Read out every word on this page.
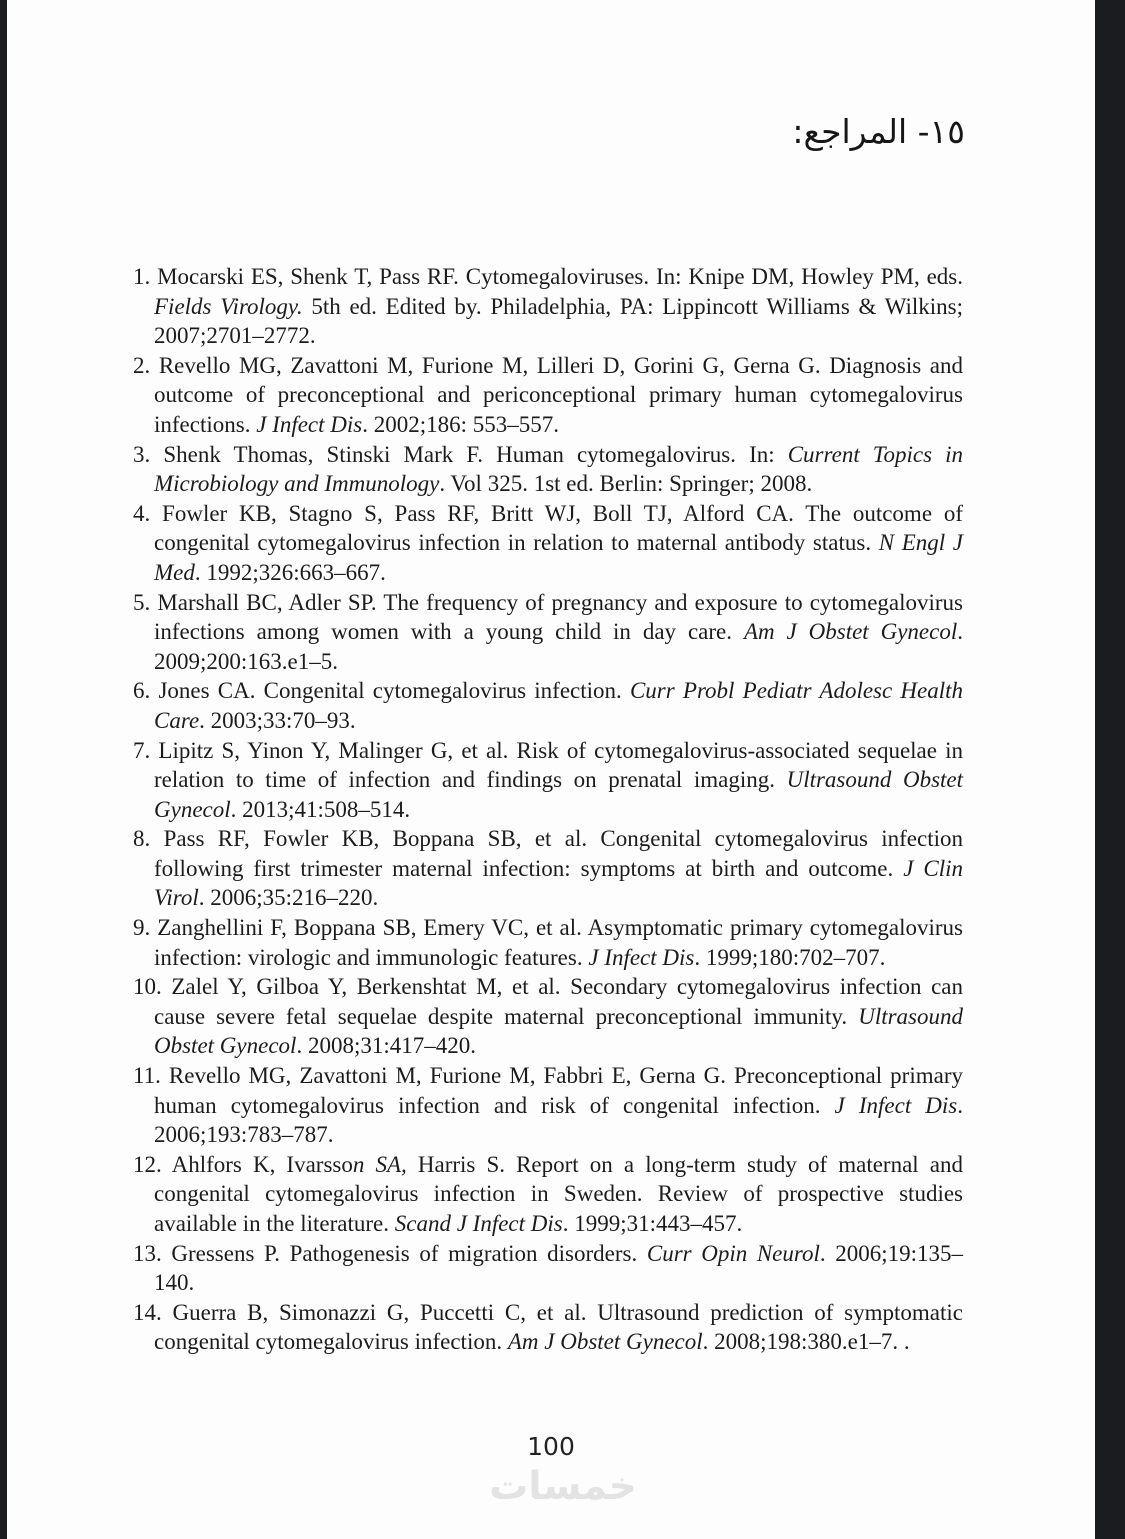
١٥- المراجع:
1. Mocarski ES, Shenk T, Pass RF. Cytomegaloviruses. In: Knipe DM, Howley PM, eds. Fields Virology. 5th ed. Edited by. Philadelphia, PA: Lippincott Williams & Wilkins; 2007;2701–2772.
2. Revello MG, Zavattoni M, Furione M, Lilleri D, Gorini G, Gerna G. Diagnosis and outcome of preconceptional and periconceptional primary human cytomegalovirus infections. J Infect Dis. 2002;186: 553–557.
3. Shenk Thomas, Stinski Mark F. Human cytomegalovirus. In: Current Topics in Microbiology and Immunology. Vol 325. 1st ed. Berlin: Springer; 2008.
4. Fowler KB, Stagno S, Pass RF, Britt WJ, Boll TJ, Alford CA. The outcome of congenital cytomegalovirus infection in relation to maternal antibody status. N Engl J Med. 1992;326:663–667.
5. Marshall BC, Adler SP. The frequency of pregnancy and exposure to cytomegalovirus infections among women with a young child in day care. Am J Obstet Gynecol. 2009;200:163.e1–5.
6. Jones CA. Congenital cytomegalovirus infection. Curr Probl Pediatr Adolesc Health Care. 2003;33:70–93.
7. Lipitz S, Yinon Y, Malinger G, et al. Risk of cytomegalovirus-associated sequelae in relation to time of infection and findings on prenatal imaging. Ultrasound Obstet Gynecol. 2013;41:508–514.
8. Pass RF, Fowler KB, Boppana SB, et al. Congenital cytomegalovirus infection following first trimester maternal infection: symptoms at birth and outcome. J Clin Virol. 2006;35:216–220.
9. Zanghellini F, Boppana SB, Emery VC, et al. Asymptomatic primary cytomegalovirus infection: virologic and immunologic features. J Infect Dis. 1999;180:702–707.
10. Zalel Y, Gilboa Y, Berkenshtat M, et al. Secondary cytomegalovirus infection can cause severe fetal sequelae despite maternal preconceptional immunity. Ultrasound Obstet Gynecol. 2008;31:417–420.
11. Revello MG, Zavattoni M, Furione M, Fabbri E, Gerna G. Preconceptional primary human cytomegalovirus infection and risk of congenital infection. J Infect Dis. 2006;193:783–787.
12. Ahlfors K, Ivarsson SA, Harris S. Report on a long-term study of maternal and congenital cytomegalovirus infection in Sweden. Review of prospective studies available in the literature. Scand J Infect Dis. 1999;31:443–457.
13. Gressens P. Pathogenesis of migration disorders. Curr Opin Neurol. 2006;19:135–140.
14. Guerra B, Simonazzi G, Puccetti C, et al. Ultrasound prediction of symptomatic congenital cytomegalovirus infection. Am J Obstet Gynecol. 2008;198:380.e1–7. .
100
خمسات
